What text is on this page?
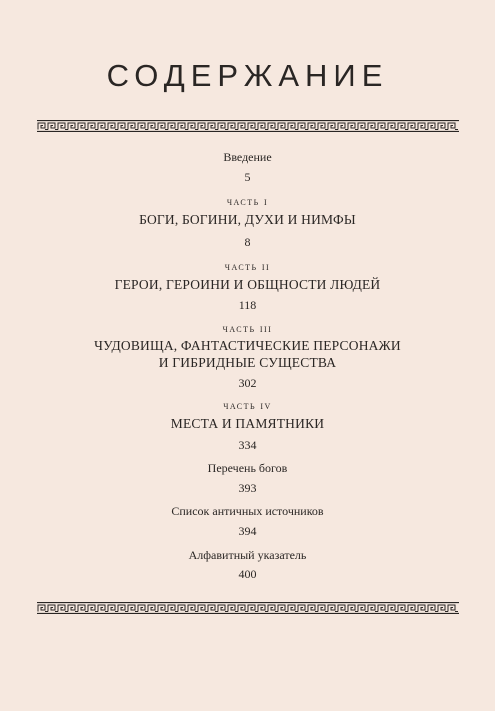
СОДЕРЖАНИЕ
Введение
5
часть i
БОГИ, БОГИНИ, ДУХИ И НИМФЫ
8
часть ii
ГЕРОИ, ГЕРОИНИ И ОБЩНОСТИ ЛЮДЕЙ
118
часть iii
ЧУДОВИЩА, ФАНТАСТИЧЕСКИЕ ПЕРСОНАЖИ
И ГИБРИДНЫЕ СУЩЕСТВА
302
часть iv
МЕСТА И ПАМЯТНИКИ
334
Перечень богов
393
Список античных источников
394
Алфавитный указатель
400
